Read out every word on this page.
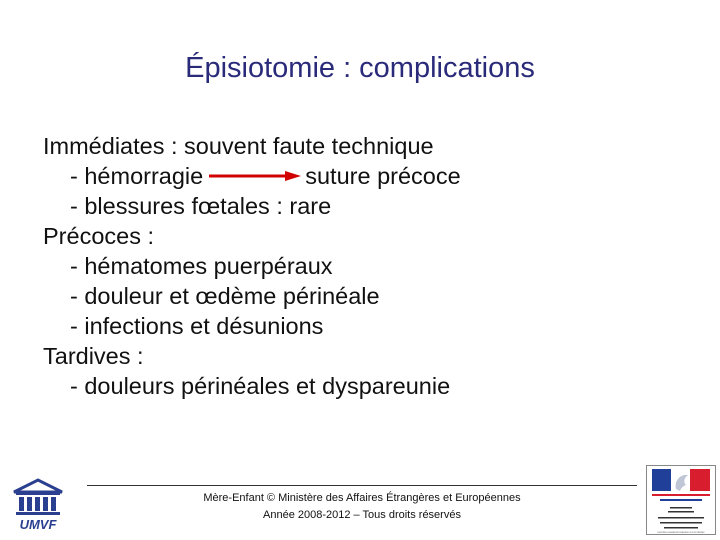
Épisiotomie : complications
Immédiates : souvent faute technique
- hémorragie	suture précoce
- blessures fœtales : rare
Précoces :
- hématomes puerpéraux
- douleur et œdème périnéale
- infections et désunions
Tardives :
- douleurs périnéales et dyspareunie
Mère-Enfant © Ministère des Affaires Étrangères et Européennes
Année 2008-2012 – Tous droits réservés
UMVF
MINISTÈRE DES AFFAIRES ÉTRANGÈRES ET EUROPÉENNES
